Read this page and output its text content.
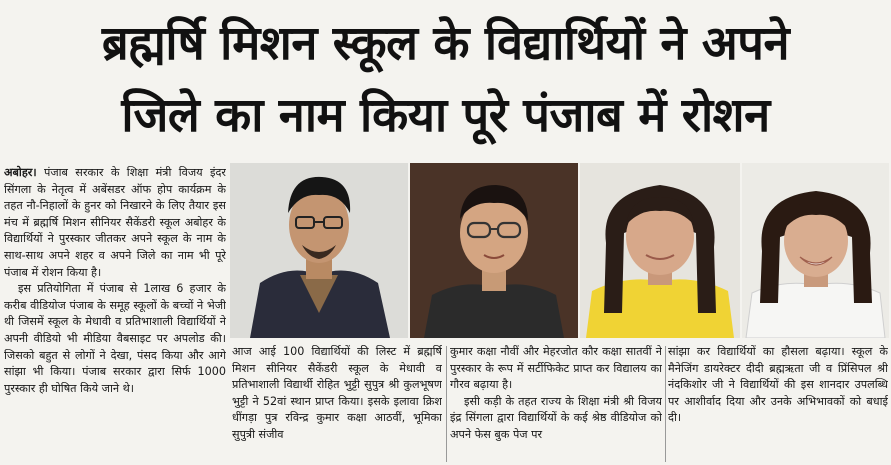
ब्रह्मर्षि मिशन स्कूल के विद्यार्थियों ने अपने
जिले का नाम किया पूरे पंजाब में रोशन

अबोहर। पंजाब सरकार के शिक्षा मंत्री विजय इंदर सिंगला के नेतृत्व में अबेंसडर ऑफ होप कार्यक्रम के तहत नौ-निहालों के हुनर को निखारने के लिए तैयार इस मंच में ब्रह्मर्षि मिशन सीनियर सैकेंडरी स्कूल अबोहर के विद्यार्थियों ने पुरस्कार जीतकर अपने स्कूल के नाम के साथ-साथ अपने शहर व अपने जिले का नाम भी पूरे पंजाब में रोशन किया है।

इस प्रतियोगिता में पंजाब से 1लाख 6 हजार के करीब वीडियोज पंजाब के समूह स्कूलों के बच्चों ने भेजी थी जिसमें स्कूल के मेधावी व प्रतिभाशाली विद्यार्थियों ने अपनी वीडियो भी मीडिया वैबसाइट पर अपलोड की। जिसको बहुत से लोगों ने देखा, पंसद किया और आगे सांझा भी किया। पंजाब सरकार द्वारा सिर्फ 1000 पुरस्कार ही घोषित किये जाने थे।

आज आई 100 विद्यार्थियों की लिस्ट में ब्रह्मर्षि मिशन सीनियर सैकेंडरी स्कूल के मेधावी व प्रतिभाशाली विद्यार्थी रोहित भुट्टी सुपुत्र श्री कुलभूषण भुट्टी ने 52वां स्थान प्राप्त किया। इसके इलावा क्रिश धींगड़ा पुत्र रविन्द्र कुमार कक्षा आठवीं, भूमिका सुपुत्री संजीव

कुमार कक्षा नौवीं और मेहरजोत कौर कक्षा सातवीं ने पुरस्कार के रूप में सर्टीफिकेट प्राप्त कर विद्यालय का गौरव बढ़ाया है।

इसी कड़ी के तहत राज्य के शिक्षा मंत्री श्री विजय इंद्र सिंगला द्वारा विद्यार्थियों के कई श्रेष्ठ वीडियोज को अपने फेस बुक पेज पर

सांझा कर विद्यार्थियों का हौसला बढ़ाया। स्कूल के मैनेजिंग डायरेक्टर दीदी ब्रह्मऋता जी व प्रिंसिपल श्री नंदकिशोर जी ने विद्यार्थियों की इस शानदार उपलब्धि पर आशीर्वाद दिया और उनके अभिभावकों को बधाई दी।
